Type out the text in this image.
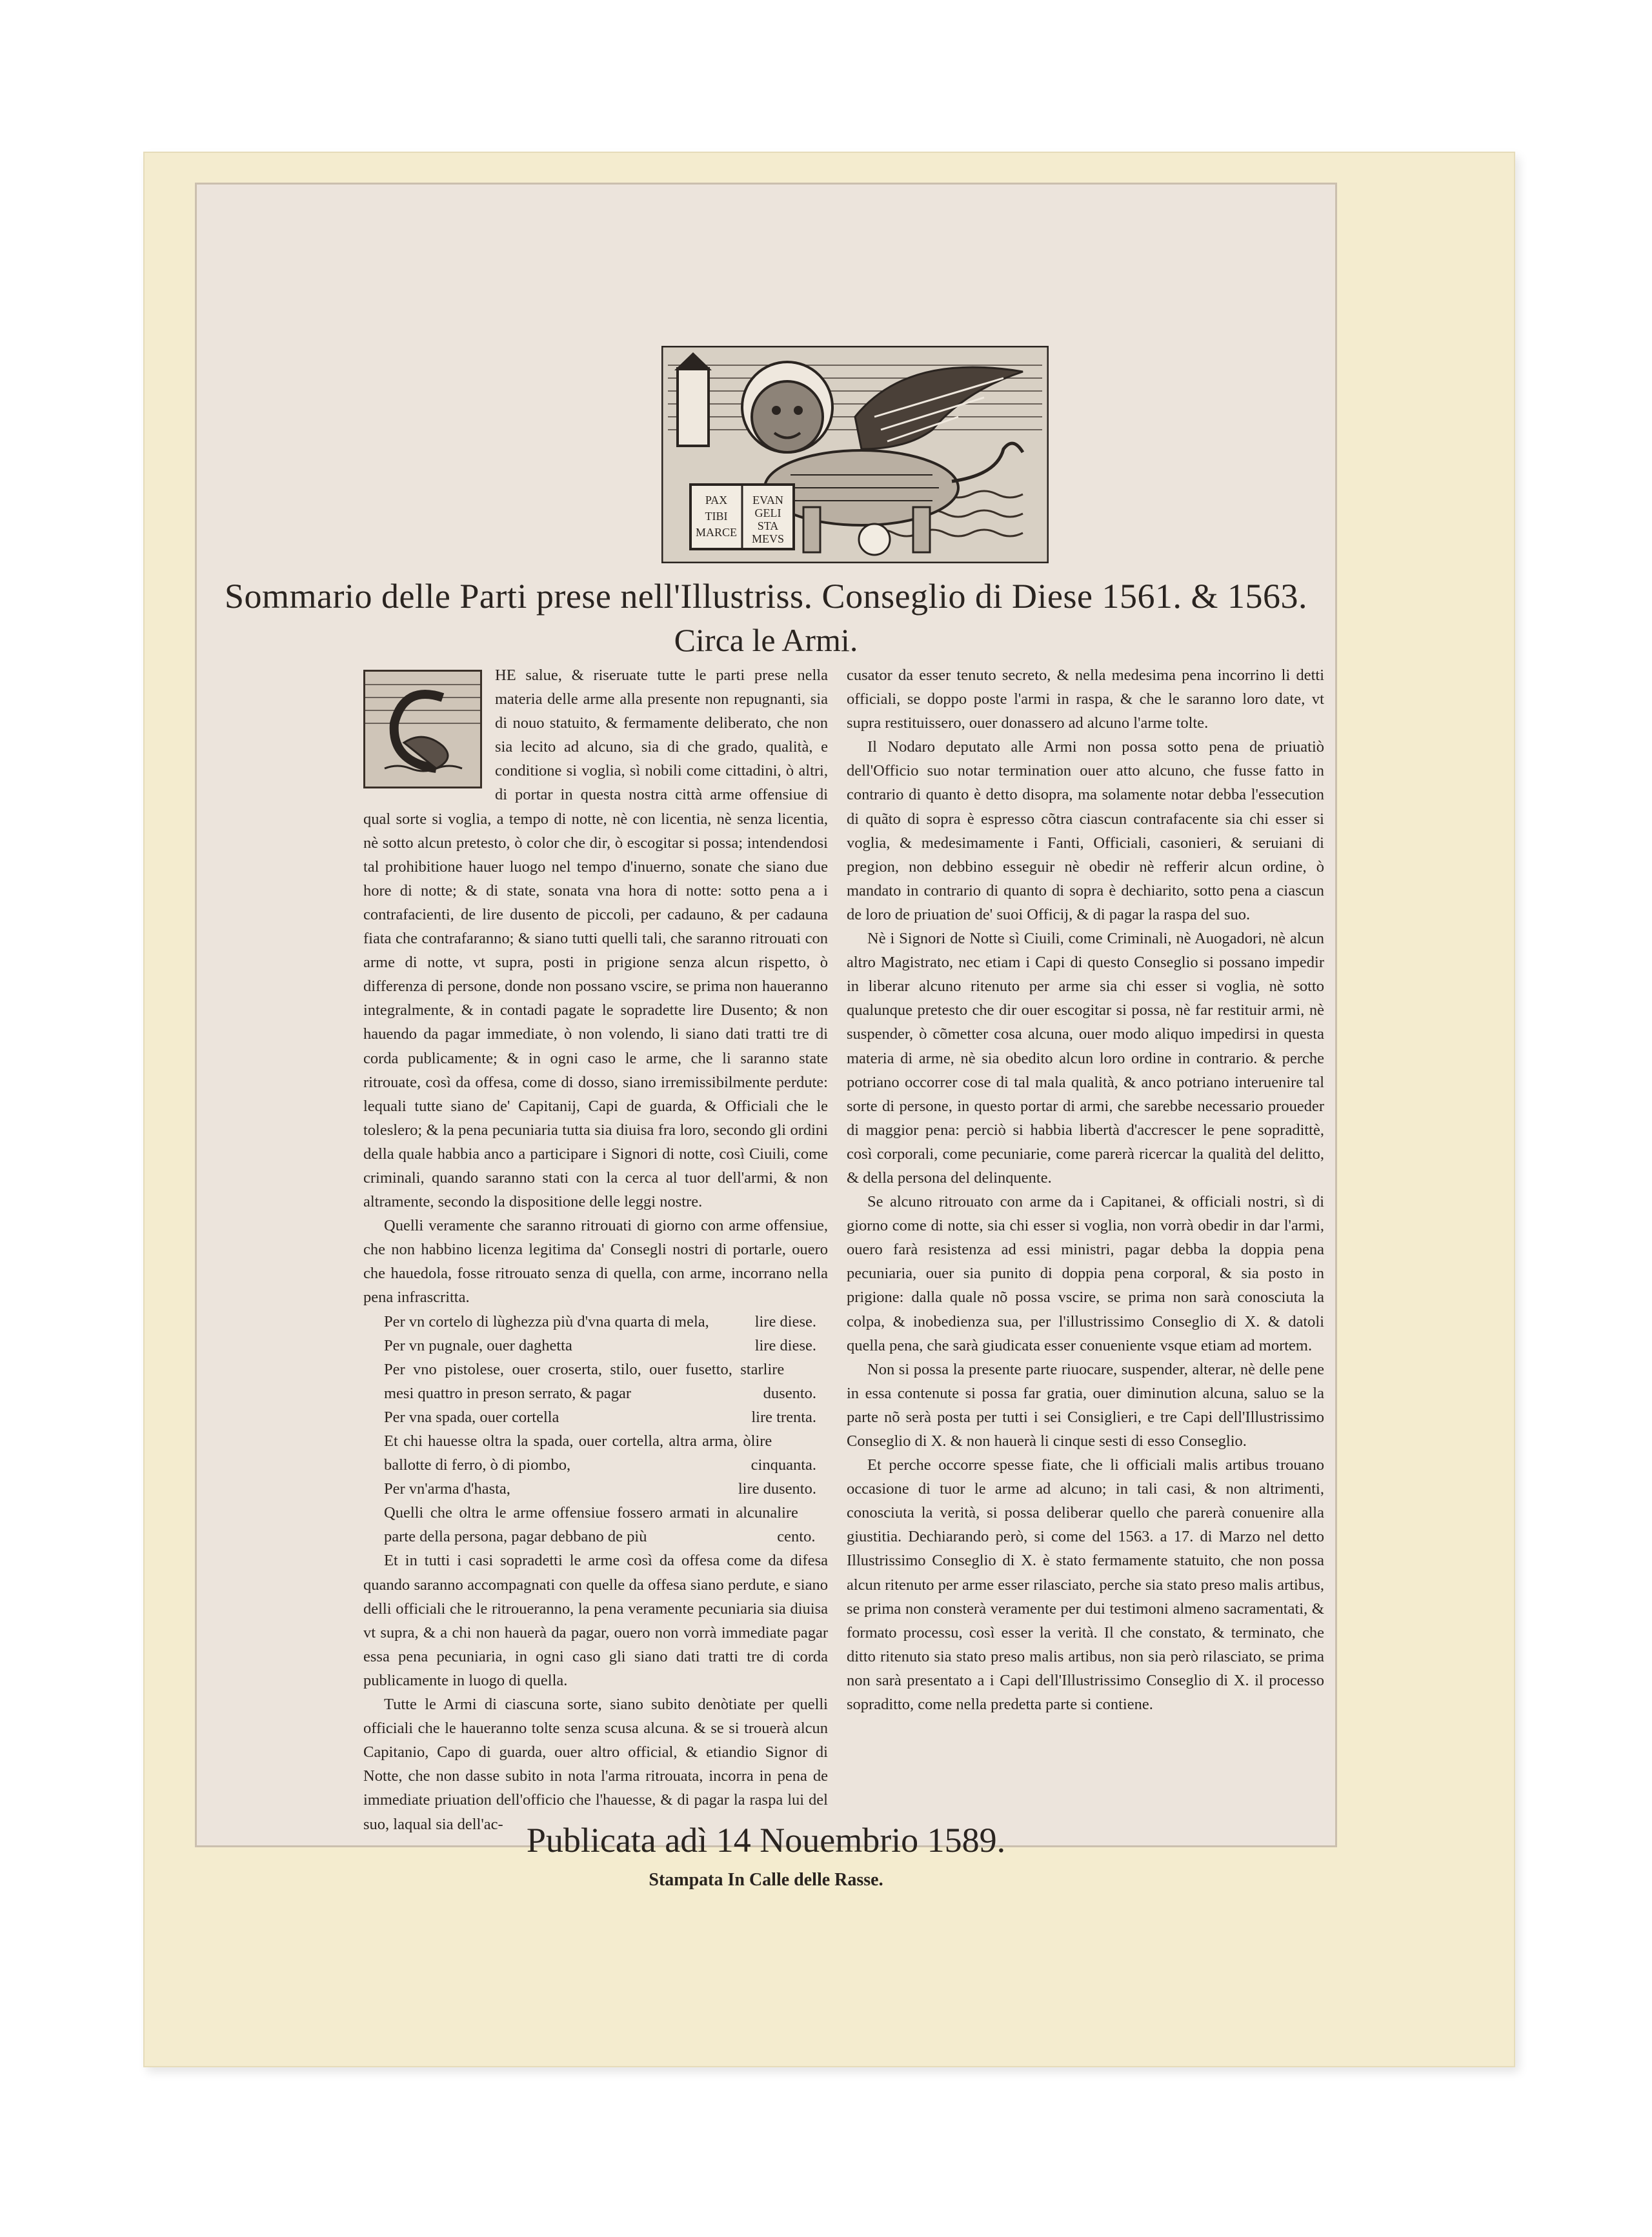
PAX
TIBI
MARCE
EVAN
GELI
STA
MEVS
Sommario delle Parti prese nell'Illustriss. Conseglio di Diese 1561. & 1563.
Circa le Armi.

HE salue, & riseruate tutte le parti prese nella materia delle arme alla presente non repugnanti, sia di nouo statuito, & fermamente deliberato, che non sia lecito ad alcuno, sia di che grado, qualità, e conditione si voglia, sì nobili come cittadini, ò altri, di portar in questa nostra città arme offensiue di qual sorte si voglia, a tempo di notte, nè con licentia, nè senza licentia, nè sotto alcun pretesto, ò color che dir, ò escogitar si possa; intendendosi tal prohibitione hauer luogo nel tempo d'inuerno, sonate che siano due hore di notte; & di state, sonata vna hora di notte: sotto pena a i contrafacienti, de lire dusento de piccoli, per cadauno, & per cadauna fiata che contrafaranno; & siano tutti quelli tali, che saranno ritrouati con arme di notte, vt supra, posti in prigione senza alcun rispetto, ò differenza di persone, donde non possano vscire, se prima non haueranno integralmente, & in contadi pagate le sopradette lire Dusento; & non hauendo da pagar immediate, ò non volendo, li siano dati tratti tre di corda publicamente; & in ogni caso le arme, che li saranno state ritrouate, così da offesa, come di dosso, siano irremissibilmente perdute: lequali tutte siano de' Capitanij, Capi de guarda, & Officiali che le toleslero; & la pena pecuniaria tutta sia diuisa fra loro, secondo gli ordini della quale habbia anco a participare i Signori di notte, così Ciuili, come criminali, quando saranno stati con la cerca al tuor dell'armi, & non altramente, secondo la dispositione delle leggi nostre.

Quelli veramente che saranno ritrouati di giorno con arme offensiue, che non habbino licenza legitima da' Consegli nostri di portarle, ouero che hauedola, fosse ritrouato senza di quella, con arme, incorrano nella pena infrascritta.

Per vn cortelo di lùghezza più d'vna quarta di mela,	lire diese.
Per vn pugnale, ouer daghetta	lire diese.
Per vno pistolese, ouer croserta, stilo, ouer fusetto, star mesi quattro in preson serrato, & pagar
lire dusento.
Per vna spada, ouer cortella	lire trenta.
Et chi hauesse oltra la spada, ouer cortella, altra arma, ò ballotte di ferro, ò di piombo,
lire cinquanta.
Per vn'arma d'hasta,	lire dusento.
Quelli che oltra le arme offensiue fossero armati in alcuna parte della persona, pagar debbano de più
lire cento.

Et in tutti i casi sopradetti le arme così da offesa come da difesa quando saranno accompagnati con quelle da offesa siano perdute, e siano delli officiali che le ritroueranno, la pena veramente pecuniaria sia diuisa vt supra, & a chi non hauerà da pagar, ouero non vorrà immediate pagar essa pena pecuniaria, in ogni caso gli siano dati tratti tre di corda publicamente in luogo di quella.

Tutte le Armi di ciascuna sorte, siano subito denòtiate per quelli officiali che le haueranno tolte senza scusa alcuna. & se si trouerà alcun Capitanio, Capo di guarda, ouer altro official, & etiandio Signor di Notte, che non dasse subito in nota l'arma ritrouata, incorra in pena de immediate priuation dell'officio che l'hauesse, & di pagar la raspa lui del suo, laqual sia dell'ac-

cusator da esser tenuto secreto, & nella medesima pena incorrino li detti officiali, se doppo poste l'armi in raspa, & che le saranno loro date, vt supra restituissero, ouer donassero ad alcuno l'arme tolte.

Il Nodaro deputato alle Armi non possa sotto pena de priuatiò dell'Officio suo notar termination ouer atto alcuno, che fusse fatto in contrario di quanto è detto disopra, ma solamente notar debba l'essecution di quãto di sopra è espresso cõtra ciascun contrafacente sia chi esser si voglia, & medesimamente i Fanti, Officiali, casonieri, & seruiani di pregion, non debbino esseguir nè obedir nè refferir alcun ordine, ò mandato in contrario di quanto di sopra è dechiarito, sotto pena a ciascun de loro de priuation de' suoi Officij, & di pagar la raspa del suo.

Nè i Signori de Notte sì Ciuili, come Criminali, nè Auogadori, nè alcun altro Magistrato, nec etiam i Capi di questo Conseglio si possano impedir in liberar alcuno ritenuto per arme sia chi esser si voglia, nè sotto qualunque pretesto che dir ouer escogitar si possa, nè far restituir armi, nè suspender, ò cõmetter cosa alcuna, ouer modo aliquo impedirsi in questa materia di arme, nè sia obedito alcun loro ordine in contrario. & perche potriano occorrer cose di tal mala qualità, & anco potriano interuenire tal sorte di persone, in questo portar di armi, che sarebbe necessario proueder di maggior pena: perciò si habbia libertà d'accrescer le pene sopradittè, così corporali, come pecuniarie, come parerà ricercar la qualità del delitto, & della persona del delinquente.

Se alcuno ritrouato con arme da i Capitanei, & officiali nostri, sì di giorno come di notte, sia chi esser si voglia, non vorrà obedir in dar l'armi, ouero farà resistenza ad essi ministri, pagar debba la doppia pena pecuniaria, ouer sia punito di doppia pena corporal, & sia posto in prigione: dalla quale nõ possa vscire, se prima non sarà conosciuta la colpa, & inobedienza sua, per l'illustrissimo Conseglio di X. & datoli quella pena, che sarà giudicata esser conueniente vsque etiam ad mortem.

Non si possa la presente parte riuocare, suspender, alterar, nè delle pene in essa contenute si possa far gratia, ouer diminution alcuna, saluo se la parte nõ serà posta per tutti i sei Consiglieri, e tre Capi dell'Illustrissimo Conseglio di X. & non hauerà li cinque sesti di esso Conseglio.

Et perche occorre spesse fiate, che li officiali malis artibus trouano occasione di tuor le arme ad alcuno; in tali casi, & non altrimenti, conosciuta la verità, si possa deliberar quello che parerà conuenire alla giustitia. Dechiarando però, si come del 1563. a 17. di Marzo nel detto Illustrissimo Conseglio di X. è stato fermamente statuito, che non possa alcun ritenuto per arme esser rilasciato, perche sia stato preso malis artibus, se prima non consterà veramente per dui testimoni almeno sacramentati, & formato processu, così esser la verità. Il che constato, & terminato, che ditto ritenuto sia stato preso malis artibus, non sia però rilasciato, se prima non sarà presentato a i Capi dell'Illustrissimo Conseglio di X. il processo sopraditto, come nella predetta parte si contiene.

Publicata adì 14 Nouembrio 1589.
Stampata In Calle delle Rasse.
